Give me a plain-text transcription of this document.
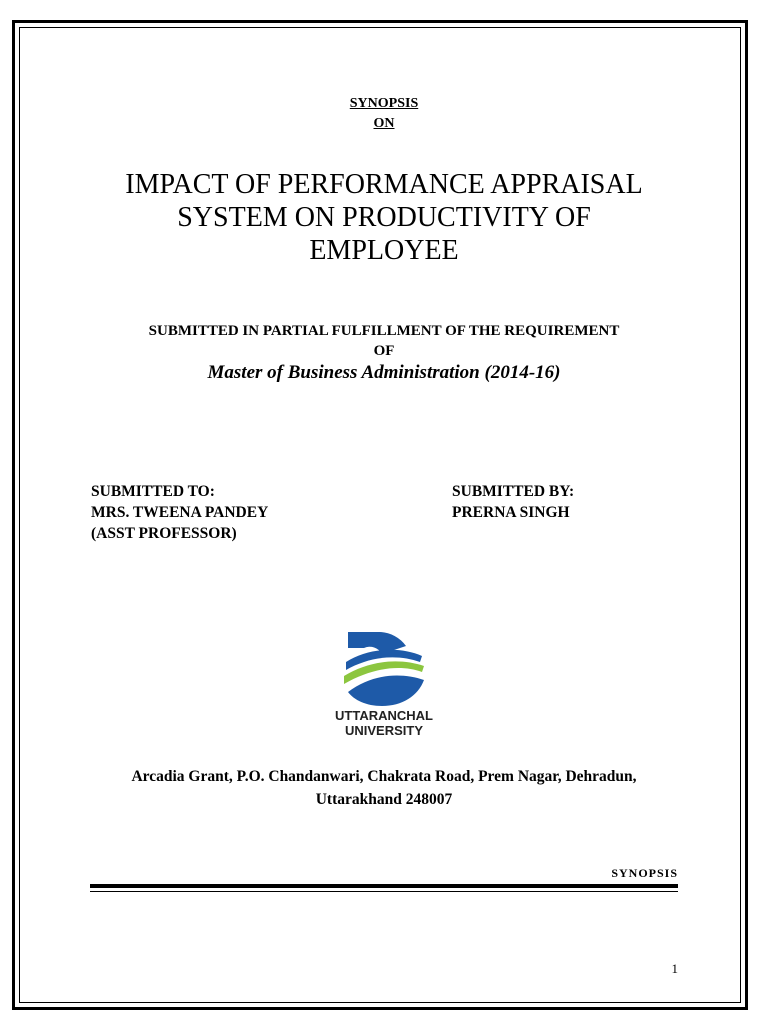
SYNOPSIS
ON
IMPACT OF PERFORMANCE APPRAISAL
SYSTEM ON PRODUCTIVITY OF
EMPLOYEE
SUBMITTED IN PARTIAL FULFILLMENT OF THE REQUIREMENT
OF
Master of Business Administration (2014-16)
SUBMITTED TO:
MRS. TWEENA PANDEY
(ASST PROFESSOR)
SUBMITTED BY:
PRERNA SINGH
UTTARANCHAL
UNIVERSITY
Arcadia Grant, P.O. Chandanwari, Chakrata Road, Prem Nagar, Dehradun,
Uttarakhand 248007
SYNOPSIS
1
